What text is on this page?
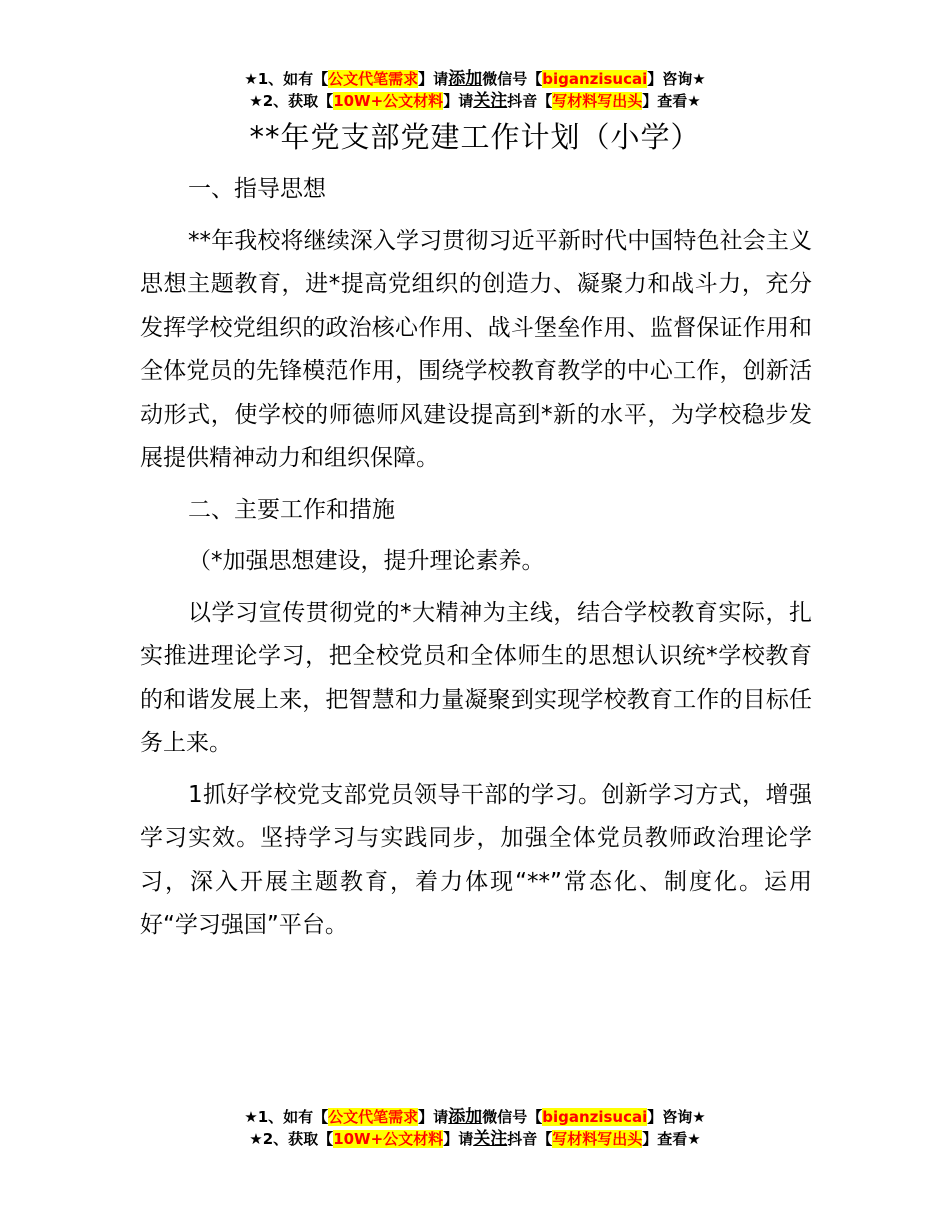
★1、如有【公文代笔需求】请添加微信号【biganzisucai】咨询★
★2、获取【10W+公文材料】请关注抖音【写材料写出头】查看★
**年党支部党建工作计划（小学）

一、指导思想

**年我校将继续深入学习贯彻习近平新时代中国特色社会主义思想主题教育，进*提高党组织的创造力、凝聚力和战斗力，充分发挥学校党组织的政治核心作用、战斗堡垒作用、监督保证作用和全体党员的先锋模范作用，围绕学校教育教学的中心工作，创新活动形式，使学校的师德师风建设提高到*新的水平，为学校稳步发展提供精神动力和组织保障。

二、主要工作和措施

（*加强思想建设，提升理论素养。

以学习宣传贯彻党的*大精神为主线，结合学校教育实际，扎实推进理论学习，把全校党员和全体师生的思想认识统*学校教育的和谐发展上来，把智慧和力量凝聚到实现学校教育工作的目标任务上来。

1抓好学校党支部党员领导干部的学习。创新学习方式，增强学习实效。坚持学习与实践同步，加强全体党员教师政治理论学习，深入开展主题教育，着力体现“**”常态化、制度化。运用好“学习强国”平台。

★1、如有【公文代笔需求】请添加微信号【biganzisucai】咨询★
★2、获取【10W+公文材料】请关注抖音【写材料写出头】查看★
